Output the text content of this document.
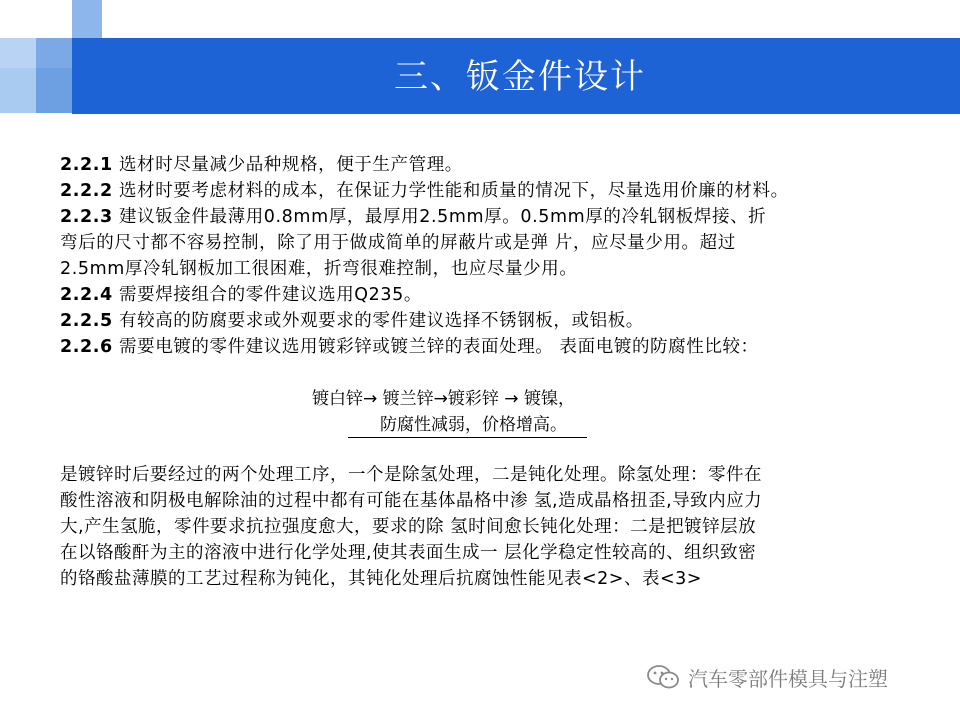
三、钣金件设计

2.2.1 选材时尽量减少品种规格，便于生产管理。

2.2.2 选材时要考虑材料的成本，在保证力学性能和质量的情况下，尽量选用价廉的材料。

2.2.3 建议钣金件最薄用0.8mm厚，最厚用2.5mm厚。0.5mm厚的冷轧钢板焊接、折

弯后的尺寸都不容易控制，除了用于做成简单的屏蔽片或是弹 片，应尽量少用。超过

2.5mm厚冷轧钢板加工很困难，折弯很难控制，也应尽量少用。

2.2.4 需要焊接组合的零件建议选用Q235。

2.2.5 有较高的防腐要求或外观要求的零件建议选择不锈钢板，或铝板。

2.2.6 需要电镀的零件建议选用镀彩锌或镀兰锌的表面处理。 表面电镀的防腐性比较：

镀白锌→ 镀兰锌→镀彩锌 → 镀镍，
防腐性减弱，价格增高。

是镀锌时后要经过的两个处理工序，一个是除氢处理，二是钝化处理。除氢处理：零件在

酸性溶液和阴极电解除油的过程中都有可能在基体晶格中渗 氢,造成晶格扭歪,导致内应力

大,产生氢脆，零件要求抗拉强度愈大，要求的除 氢时间愈长钝化处理：二是把镀锌层放

在以铬酸酐为主的溶液中进行化学处理,使其表面生成一 层化学稳定性较高的、组织致密

的铬酸盐薄膜的工艺过程称为钝化，其钝化处理后抗腐蚀性能见表<2>、表<3>

汽车零部件模具与注塑
